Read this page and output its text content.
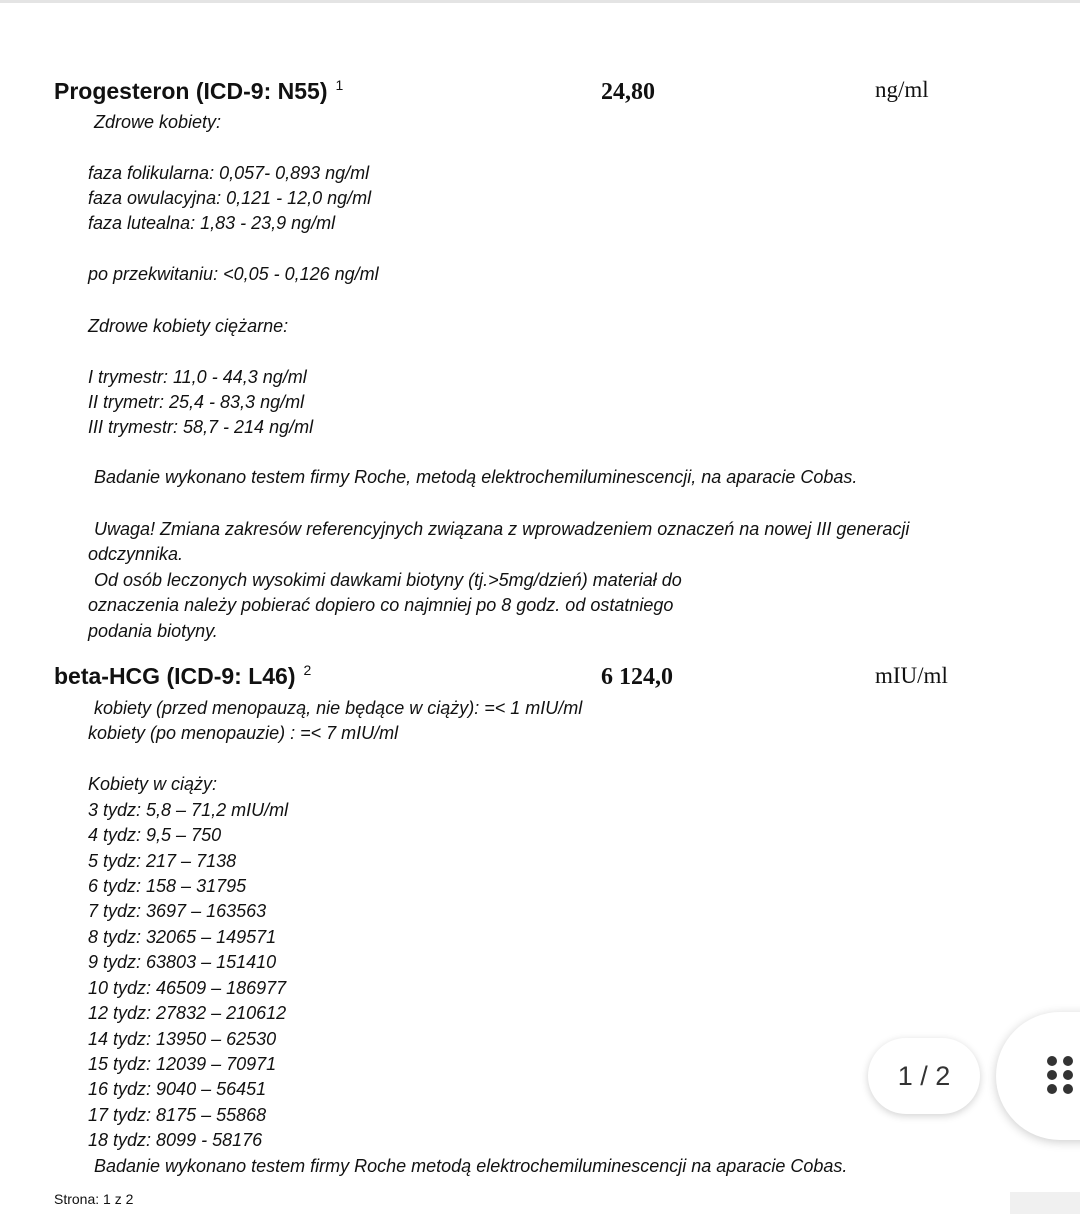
Progesteron (ICD-9: N55) $^1$	24,80	ng/ml
Zdrowe kobiety:
faza folikularna: 0,057- 0,893 ng/ml
faza owulacyjna: 0,121 - 12,0 ng/ml
faza lutealna: 1,83 - 23,9 ng/ml
po przekwitaniu: <0,05 - 0,126 ng/ml
Zdrowe kobiety ciężarne:
I trymestr: 11,0 - 44,3 ng/ml
II trymetr: 25,4 - 83,3 ng/ml
III trymestr: 58,7 - 214 ng/ml
Badanie wykonano testem firmy Roche, metodą elektrochemiluminescencji, na aparacie Cobas.
Uwaga! Zmiana zakresów referencyjnych związana z wprowadzeniem oznaczeń na nowej III generacji
odczynnika.
Od osób leczonych wysokimi dawkami biotyny (tj.>5mg/dzień) materiał do
oznaczenia należy pobierać dopiero co najmniej po 8 godz. od ostatniego
podania biotyny.
beta-HCG (ICD-9: L46) $^2$	6 124,0	mIU/ml
kobiety (przed menopauzą, nie będące w ciąży): =< 1 mIU/ml
kobiety (po menopauzie) : =< 7 mIU/ml
Kobiety w ciąży:
3 tydz: 5,8 – 71,2 mIU/ml
4 tydz: 9,5 – 750
5 tydz: 217 – 7138
6 tydz: 158 – 31795
7 tydz: 3697 – 163563
8 tydz: 32065 – 149571
9 tydz: 63803 – 151410
10 tydz: 46509 – 186977
12 tydz: 27832 – 210612
14 tydz: 13950 – 62530
15 tydz: 12039 – 70971
16 tydz: 9040 – 56451
17 tydz: 8175 – 55868
18 tydz: 8099 - 58176
Badanie wykonano testem firmy Roche metodą elektrochemiluminescencji na aparacie Cobas.
Strona: 1 z 2
1 / 2
